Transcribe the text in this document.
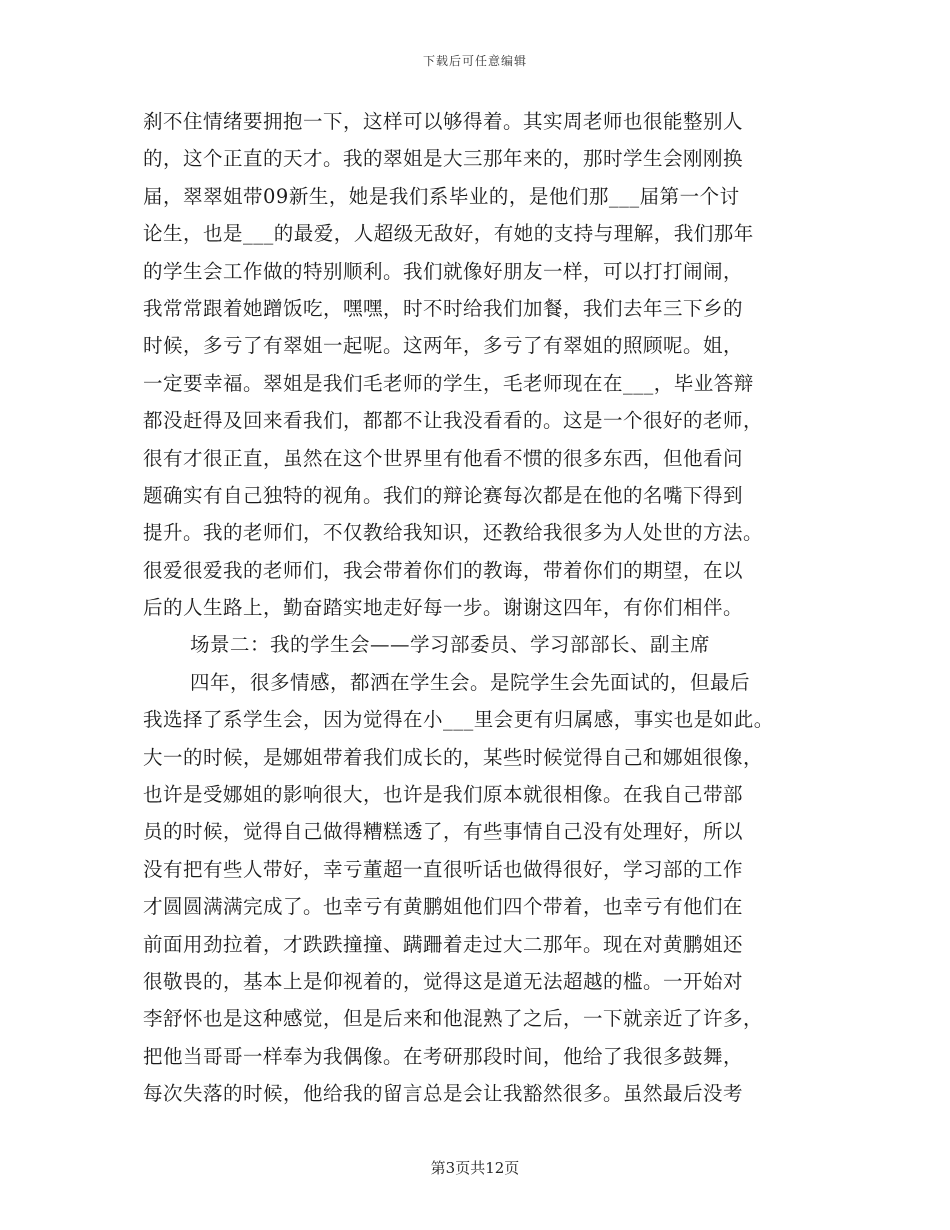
下载后可任意编辑
刹不住情绪要拥抱一下，这样可以够得着。其实周老师也很能整别人
的，这个正直的天才。我的翠姐是大三那年来的，那时学生会刚刚换
届，翠翠姐带09新生，她是我们系毕业的，是他们那___届第一个讨
论生，也是___的最爱，人超级无敌好，有她的支持与理解，我们那年
的学生会工作做的特别顺利。我们就像好朋友一样，可以打打闹闹，
我常常跟着她蹭饭吃，嘿嘿，时不时给我们加餐，我们去年三下乡的
时候，多亏了有翠姐一起呢。这两年，多亏了有翠姐的照顾呢。姐，
一定要幸福。翠姐是我们毛老师的学生，毛老师现在在___，毕业答辩
都没赶得及回来看我们，都都不让我没看看的。这是一个很好的老师，
很有才很正直，虽然在这个世界里有他看不惯的很多东西，但他看问
题确实有自己独特的视角。我们的辩论赛每次都是在他的名嘴下得到
提升。我的老师们，不仅教给我知识，还教给我很多为人处世的方法。
很爱很爱我的老师们，我会带着你们的教诲，带着你们的期望，在以
后的人生路上，勤奋踏实地走好每一步。谢谢这四年，有你们相伴。
场景二：我的学生会——学习部委员、学习部部长、副主席
四年，很多情感，都洒在学生会。是院学生会先面试的，但最后
我选择了系学生会，因为觉得在小___里会更有归属感，事实也是如此。
大一的时候，是娜姐带着我们成长的，某些时候觉得自己和娜姐很像，
也许是受娜姐的影响很大，也许是我们原本就很相像。在我自己带部
员的时候，觉得自己做得糟糕透了，有些事情自己没有处理好，所以
没有把有些人带好，幸亏董超一直很听话也做得很好，学习部的工作
才圆圆满满完成了。也幸亏有黄鹏姐他们四个带着，也幸亏有他们在
前面用劲拉着，才跌跌撞撞、蹒跚着走过大二那年。现在对黄鹏姐还
很敬畏的，基本上是仰视着的，觉得这是道无法超越的槛。一开始对
李舒怀也是这种感觉，但是后来和他混熟了之后，一下就亲近了许多，
把他当哥哥一样奉为我偶像。在考研那段时间，他给了我很多鼓舞，
每次失落的时候，他给我的留言总是会让我豁然很多。虽然最后没考
第3页共12页
